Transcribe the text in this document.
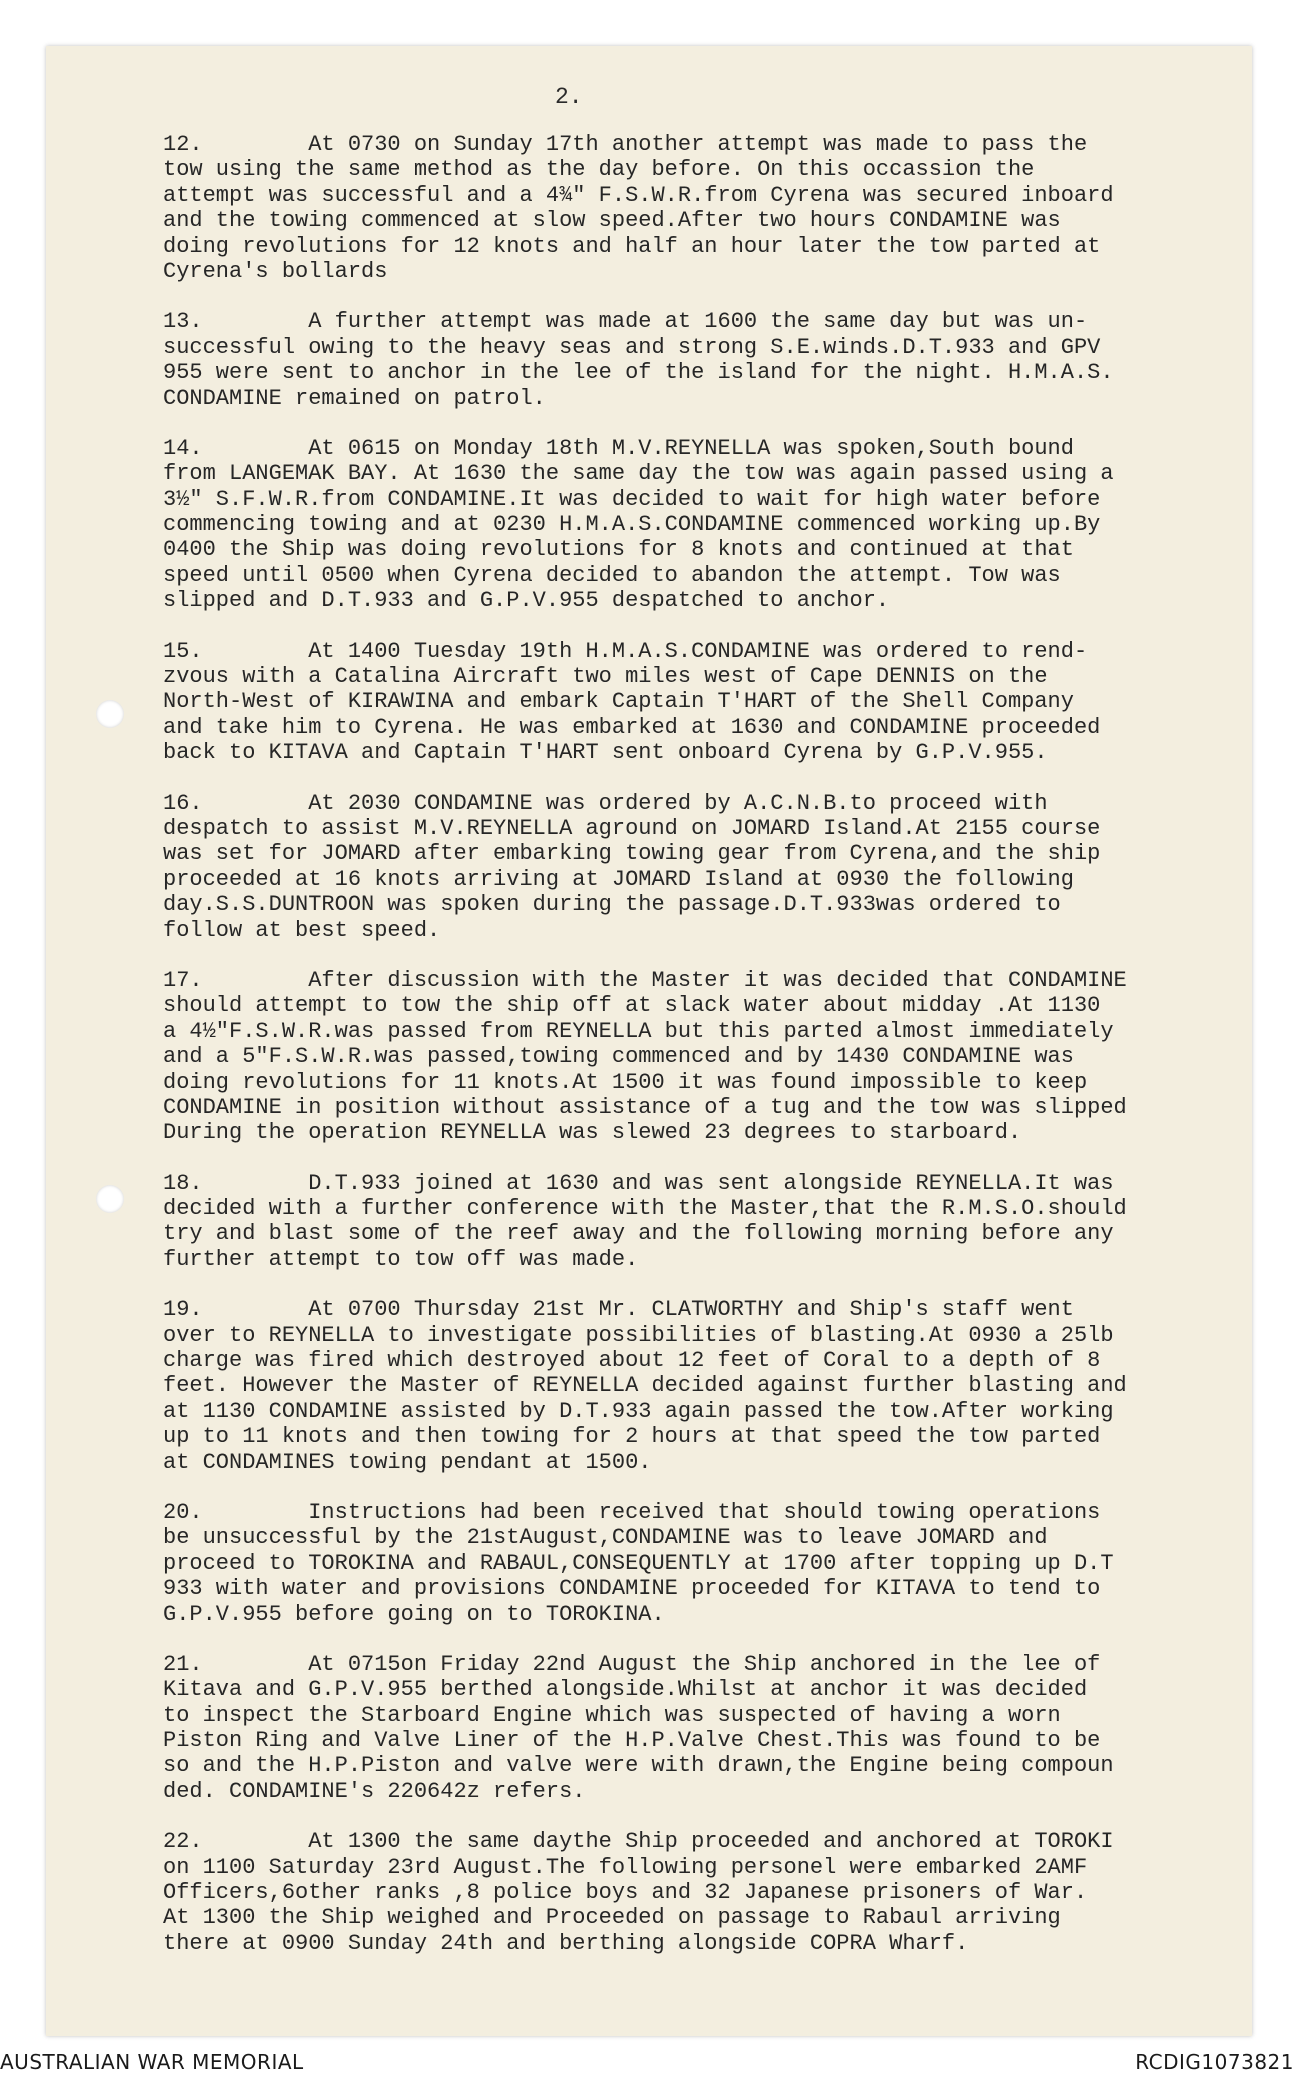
2.
12.        At 0730 on Sunday 17th another attempt was made to pass the
tow using the same method as the day before. On this occassion the
attempt was successful and a 4¾" F.S.W.R.from Cyrena was secured inboard
and the towing commenced at slow speed.After two hours CONDAMINE was
doing revolutions for 12 knots and half an hour later the tow parted at
Cyrena's bollards
13.        A further attempt was made at 1600 the same day but was un-
successful owing to the heavy seas and strong S.E.winds.D.T.933 and GPV
955 were sent to anchor in the lee of the island for the night. H.M.A.S.
CONDAMINE remained on patrol.
14.        At 0615 on Monday 18th M.V.REYNELLA was spoken,South bound
from LANGEMAK BAY. At 1630 the same day the tow was again passed using a
3½" S.F.W.R.from CONDAMINE.It was decided to wait for high water before
commencing towing and at 0230 H.M.A.S.CONDAMINE commenced working up.By
0400 the Ship was doing revolutions for 8 knots and continued at that
speed until 0500 when Cyrena decided to abandon the attempt. Tow was
slipped and D.T.933 and G.P.V.955 despatched to anchor.
15.        At 1400 Tuesday 19th H.M.A.S.CONDAMINE was ordered to rend-
zvous with a Catalina Aircraft two miles west of Cape DENNIS on the
North-West of KIRAWINA and embark Captain T'HART of the Shell Company
and take him to Cyrena. He was embarked at 1630 and CONDAMINE proceeded
back to KITAVA and Captain T'HART sent onboard Cyrena by G.P.V.955.
16.        At 2030 CONDAMINE was ordered by A.C.N.B.to proceed with
despatch to assist M.V.REYNELLA aground on JOMARD Island.At 2155 course
was set for JOMARD after embarking towing gear from Cyrena,and the ship
proceeded at 16 knots arriving at JOMARD Island at 0930 the following
day.S.S.DUNTROON was spoken during the passage.D.T.933was ordered to
follow at best speed.
17.        After discussion with the Master it was decided that CONDAMINE
should attempt to tow the ship off at slack water about midday .At 1130
a 4½"F.S.W.R.was passed from REYNELLA but this parted almost immediately
and a 5"F.S.W.R.was passed,towing commenced and by 1430 CONDAMINE was
doing revolutions for 11 knots.At 1500 it was found impossible to keep
CONDAMINE in position without assistance of a tug and the tow was slipped
During the operation REYNELLA was slewed 23 degrees to starboard.
18.        D.T.933 joined at 1630 and was sent alongside REYNELLA.It was
decided with a further conference with the Master,that the R.M.S.O.should
try and blast some of the reef away and the following morning before any
further attempt to tow off was made.
19.        At 0700 Thursday 21st Mr. CLATWORTHY and Ship's staff went
over to REYNELLA to investigate possibilities of blasting.At 0930 a 25lb
charge was fired which destroyed about 12 feet of Coral to a depth of 8
feet. However the Master of REYNELLA decided against further blasting and
at 1130 CONDAMINE assisted by D.T.933 again passed the tow.After working
up to 11 knots and then towing for 2 hours at that speed the tow parted
at CONDAMINES towing pendant at 1500.
20.        Instructions had been received that should towing operations
be unsuccessful by the 21stAugust,CONDAMINE was to leave JOMARD and
proceed to TOROKINA and RABAUL,CONSEQUENTLY at 1700 after topping up D.T
933 with water and provisions CONDAMINE proceeded for KITAVA to tend to
G.P.V.955 before going on to TOROKINA.
21.        At 0715on Friday 22nd August the Ship anchored in the lee of
Kitava and G.P.V.955 berthed alongside.Whilst at anchor it was decided
to inspect the Starboard Engine which was suspected of having a worn
Piston Ring and Valve Liner of the H.P.Valve Chest.This was found to be
so and the H.P.Piston and valve were with drawn,the Engine being compoun
ded. CONDAMINE's 220642z refers.
22.        At 1300 the same daythe Ship proceeded and anchored at TOROKI
on 1100 Saturday 23rd August.The following personel were embarked 2AMF
Officers,6other ranks ,8 police boys and 32 Japanese prisoners of War.
At 1300 the Ship weighed and Proceeded on passage to Rabaul arriving
there at 0900 Sunday 24th and berthing alongside COPRA Wharf.
AUSTRALIAN WAR MEMORIAL	RCDIG1073821
